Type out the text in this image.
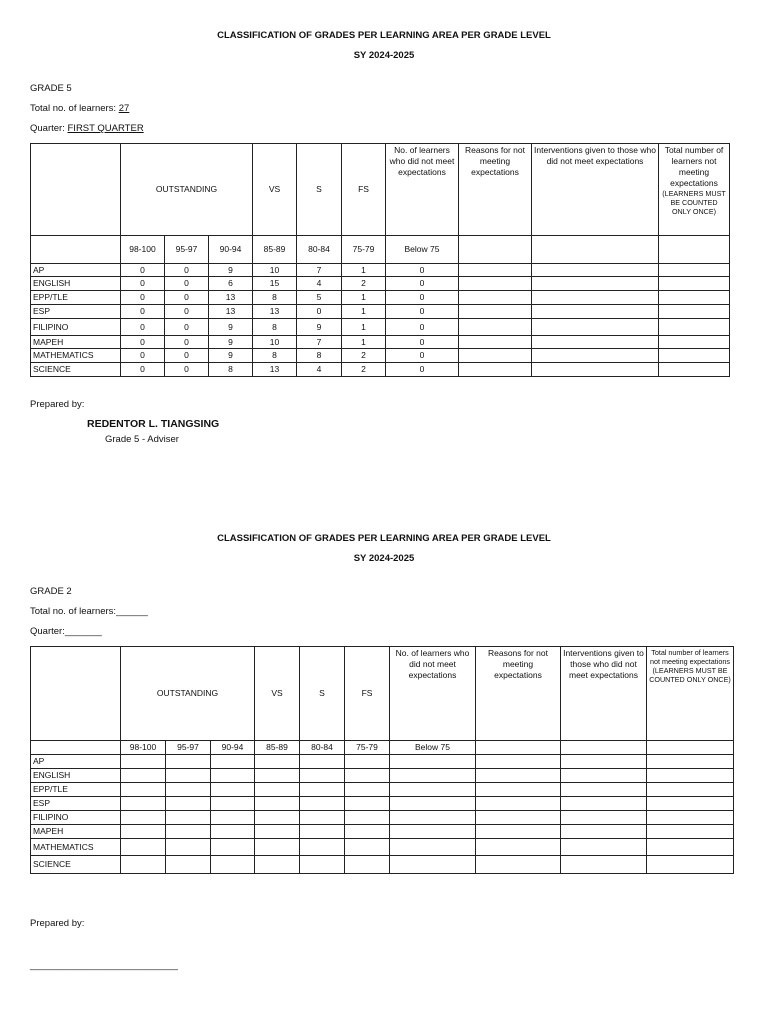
CLASSIFICATION OF GRADES PER LEARNING AREA PER GRADE LEVEL
SY 2024-2025
GRADE 5
Total no. of learners: 27
Quarter: FIRST QUARTER
	OUTSTANDING			VS	S	FS	No. of learners who did not meet expectations	Reasons for not meeting expectations	Interventions given to those who did not meet expectations	Total number of learners not meeting expectations
(LEARNERS MUST BE COUNTED ONLY ONCE)	

	98-100	95-97	90-94	85-89	80-84	75-79	Below 75				
AP	0	0	9	10	7	1	0				
ENGLISH	0	0	6	15	4	2	0				
EPP/TLE	0	0	13	8	5	1	0				
ESP	0	0	13	13	0	1	0				
FILIPINO	0	0	9	8	9	1	0				
MAPEH	0	0	9	10	7	1	0				
MATHEMATICS	0	0	9	8	8	2	0				
SCIENCE	0	0	8	13	4	2	0				
Prepared by:
REDENTOR L. TIANGSING
Grade 5 - Adviser
CLASSIFICATION OF GRADES PER LEARNING AREA PER GRADE LEVEL
SY 2024-2025
GRADE 2
Total no. of learners:______
Quarter:_______
	OUTSTANDING			VS	S	FS	No. of learners who did not meet expectations	Reasons for not meeting expectations	Interventions given to those who did not meet expectations	Total number of learners not meeting expectations
(LEARNERS MUST BE COUNTED ONLY ONCE)	

	98-100	95-97	90-94	85-89	80-84	75-79	Below 75				
AP											
ENGLISH											
EPP/TLE											
ESP											
FILIPINO											
MAPEH											
MATHEMATICS											
SCIENCE											
Prepared by:
____________________________
